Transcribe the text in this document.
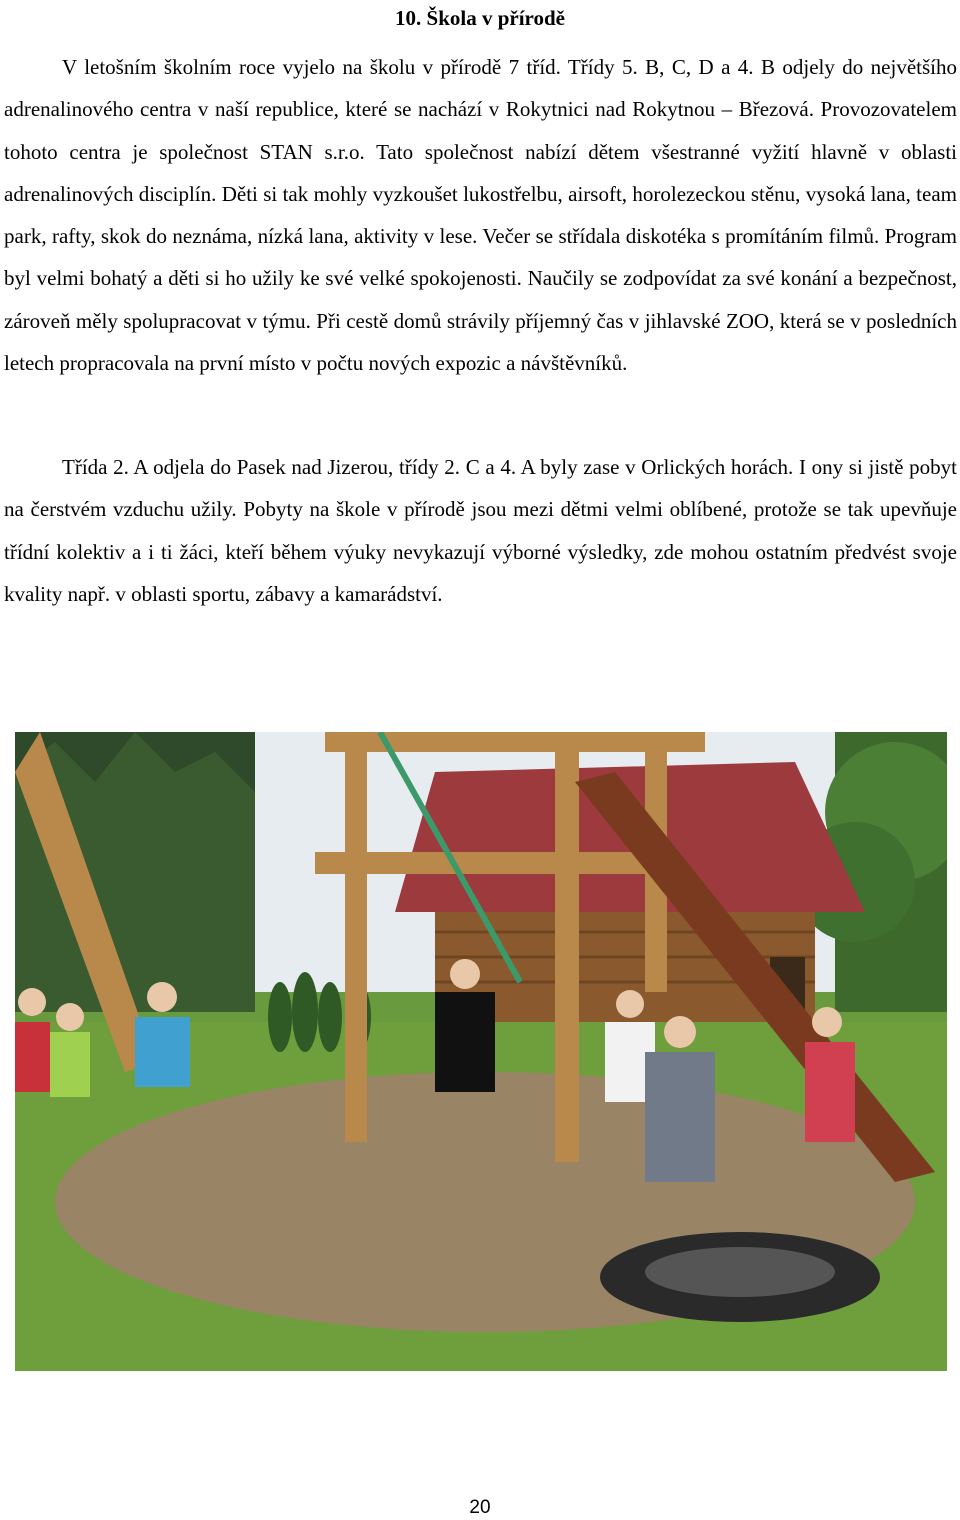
10. Škola v přírodě

V letošním školním roce vyjelo na školu v přírodě 7 tříd. Třídy 5. B, C, D a 4. B odjely do největšího adrenalinového centra v naší republice, které se nachází v Rokytnici nad Rokytnou – Březová. Provozovatelem tohoto centra je společnost STAN s.r.o. Tato společnost nabízí dětem všestranné vyžití hlavně v oblasti adrenalinových disciplín. Děti si tak mohly vyzkoušet lukostřelbu, airsoft, horolezeckou stěnu, vysoká lana, team park, rafty, skok do neznáma, nízká lana, aktivity v lese. Večer se střídala diskotéka s promítáním filmů. Program byl velmi bohatý a děti si ho užily ke své velké spokojenosti. Naučily se zodpovídat za své konání a bezpečnost, zároveň měly spolupracovat v týmu. Při cestě domů strávily příjemný čas v jihlavské ZOO, která se v posledních letech propracovala na první místo v počtu nových expozic a návštěvníků.

Třída 2. A odjela do Pasek nad Jizerou, třídy 2. C a 4. A byly zase v Orlických horách. I ony si jistě pobyt na čerstvém vzduchu užily. Pobyty na škole v přírodě jsou mezi dětmi velmi oblíbené, protože se tak upevňuje třídní kolektiv a i ti žáci, kteří během výuky nevykazují výborné výsledky, zde mohou ostatním předvést svoje kvality např. v oblasti sportu, zábavy a kamarádství.

20
